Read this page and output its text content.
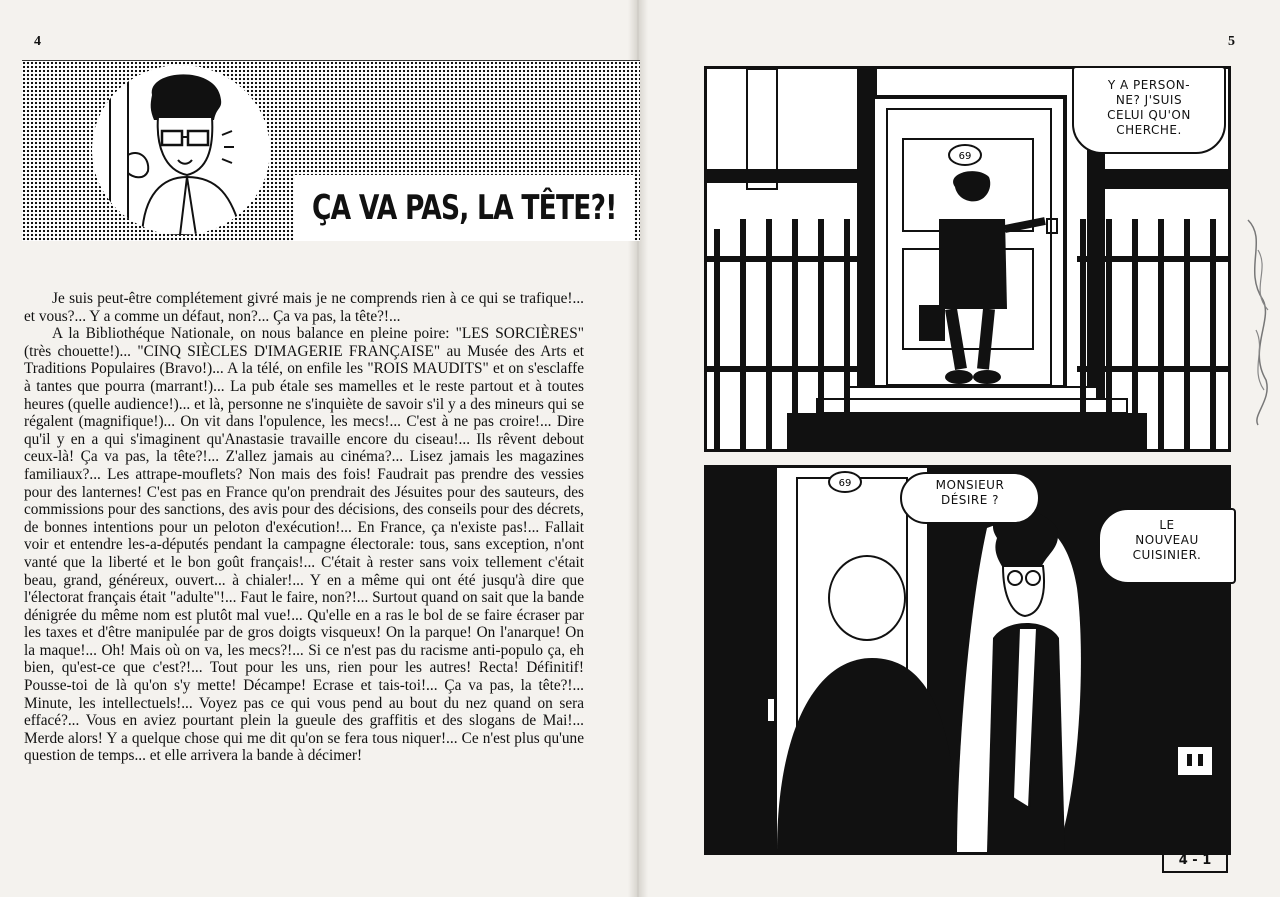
4
ÇA VA PAS, LA TÊTE?!

Je suis peut-être complétement givré mais je ne comprends rien à ce qui se trafique!... et vous?... Y a comme un défaut, non?... Ça va pas, la tête?!...

A la Bibliothéque Nationale, on nous balance en pleine poire: "LES SORCIÈRES" (très chouette!)... "CINQ SIÈCLES D'IMAGERIE FRANÇAISE" au Musée des Arts et Traditions Populaires (Bravo!)... A la télé, on enfile les "ROIS MAUDITS" et on s'esclaffe à tantes que pourra (marrant!)... La pub étale ses mamelles et le reste partout et à toutes heures (quelle audience!)... et là, personne ne s'inquiète de savoir s'il y a des mineurs qui se régalent (magnifique!)... On vit dans l'opulence, les mecs!... C'est à ne pas croire!... Dire qu'il y en a qui s'imaginent qu'Anastasie travaille encore du ciseau!... Ils rêvent debout ceux-là! Ça va pas, la tête?!... Z'allez jamais au cinéma?... Lisez jamais les magazines familiaux?... Les attrape-mouflets? Non mais des fois! Faudrait pas prendre des vessies pour des lanternes! C'est pas en France qu'on prendrait des Jésuites pour des sauteurs, des commissions pour des sanctions, des avis pour des décisions, des conseils pour des décrets, de bonnes intentions pour un peloton d'exécution!... En France, ça n'existe pas!... Fallait voir et entendre les-a-députés pendant la campagne électorale: tous, sans exception, n'ont vanté que la liberté et le bon goût français!... C'était à rester sans voix tellement c'était beau, grand, généreux, ouvert... à chialer!... Y en a même qui ont été jusqu'à dire que l'électorat français était "adulte"!... Faut le faire, non?!... Surtout quand on sait que la bande dénigrée du même nom est plutôt mal vue!... Qu'elle en a ras le bol de se faire écraser par les taxes et d'être manipulée par de gros doigts visqueux! On la parque! On l'anarque! On la maque!... Oh! Mais où on va, les mecs?!... Si ce n'est pas du racisme anti-populo ça, eh bien, qu'est-ce que c'est?!... Tout pour les uns, rien pour les autres! Recta! Définitif! Pousse-toi de là qu'on s'y mette! Décampe! Ecrase et tais-toi!... Ça va pas, la tête?!... Minute, les intellectuels!... Voyez pas ce qui vous pend au bout du nez quand on sera effacé?... Vous en aviez pourtant plein la gueule des graffitis et des slogans de Mai!... Merde alors! Y a quelque chose qui me dit qu'on se fera tous niquer!... Ce n'est plus qu'une question de temps... et elle arrivera la bande à décimer!

5
69
Y A PERSON-
NE? J'SUIS
CELUI QU'ON
CHERCHE.
69	MONSIEUR
DÉSIRE ?
LE
NOUVEAU
CUISINIER.
4 - 1
